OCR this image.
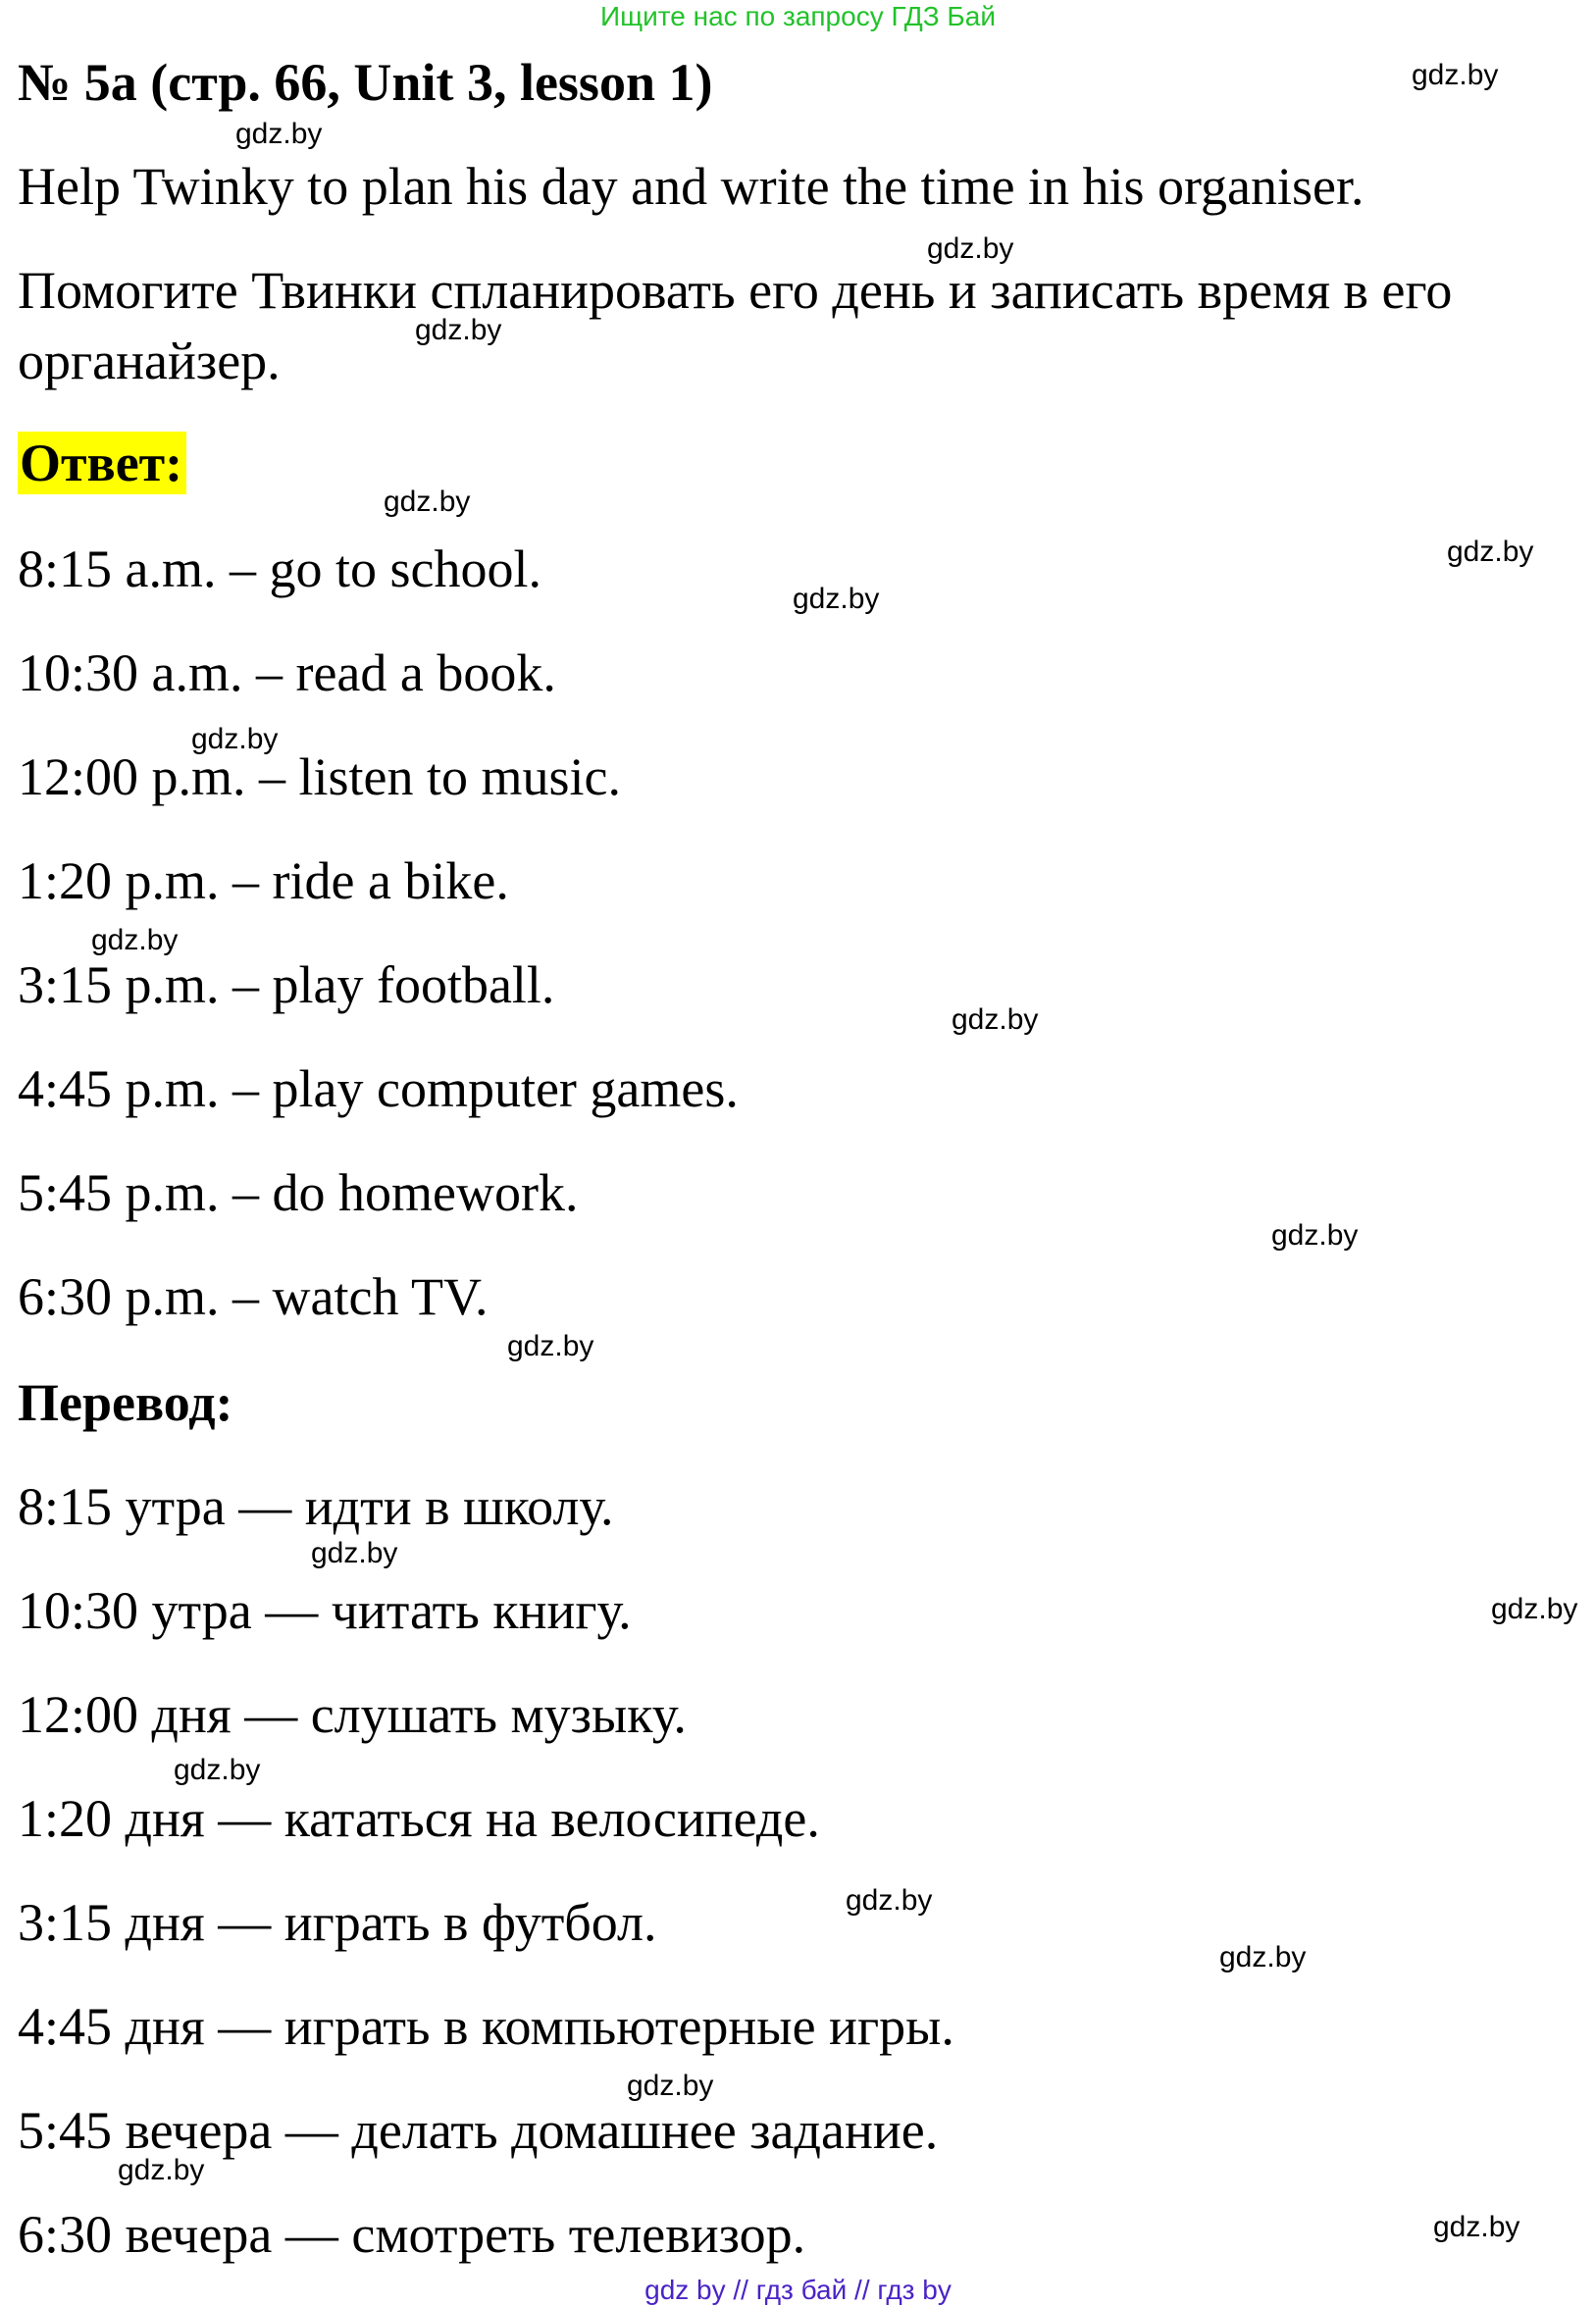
Ищите нас по запросу ГДЗ Бай
№ 5a (стр. 66, Unit 3, lesson 1)
Help Twinky to plan his day and write the time in his organiser.
Помогите Твинки спланировать его день и записать время в его
органайзер.
Ответ:
8:15 a.m. – go to school.
10:30 a.m. – read a book.
12:00 p.m. – listen to music.
1:20 p.m. – ride a bike.
3:15 p.m. – play football.
4:45 p.m. – play computer games.
5:45 p.m. – do homework.
6:30 p.m. – watch TV.
Перевод:
8:15 утра — идти в школу.
10:30 утра — читать книгу.
12:00 дня — слушать музыку.
1:20 дня — кататься на велосипеде.
3:15 дня — играть в футбол.
4:45 дня — играть в компьютерные игры.
5:45 вечера — делать домашнее задание.
6:30 вечера — смотреть телевизор.
gdz.by
gdz.by
gdz.by
gdz.by
gdz.by
gdz.by
gdz.by
gdz.by
gdz.by
gdz.by
gdz.by
gdz.by
gdz.by
gdz.by
gdz.by
gdz.by
gdz.by
gdz.by
gdz.by
gdz.by
gdz by // гдз бай // гдз by
